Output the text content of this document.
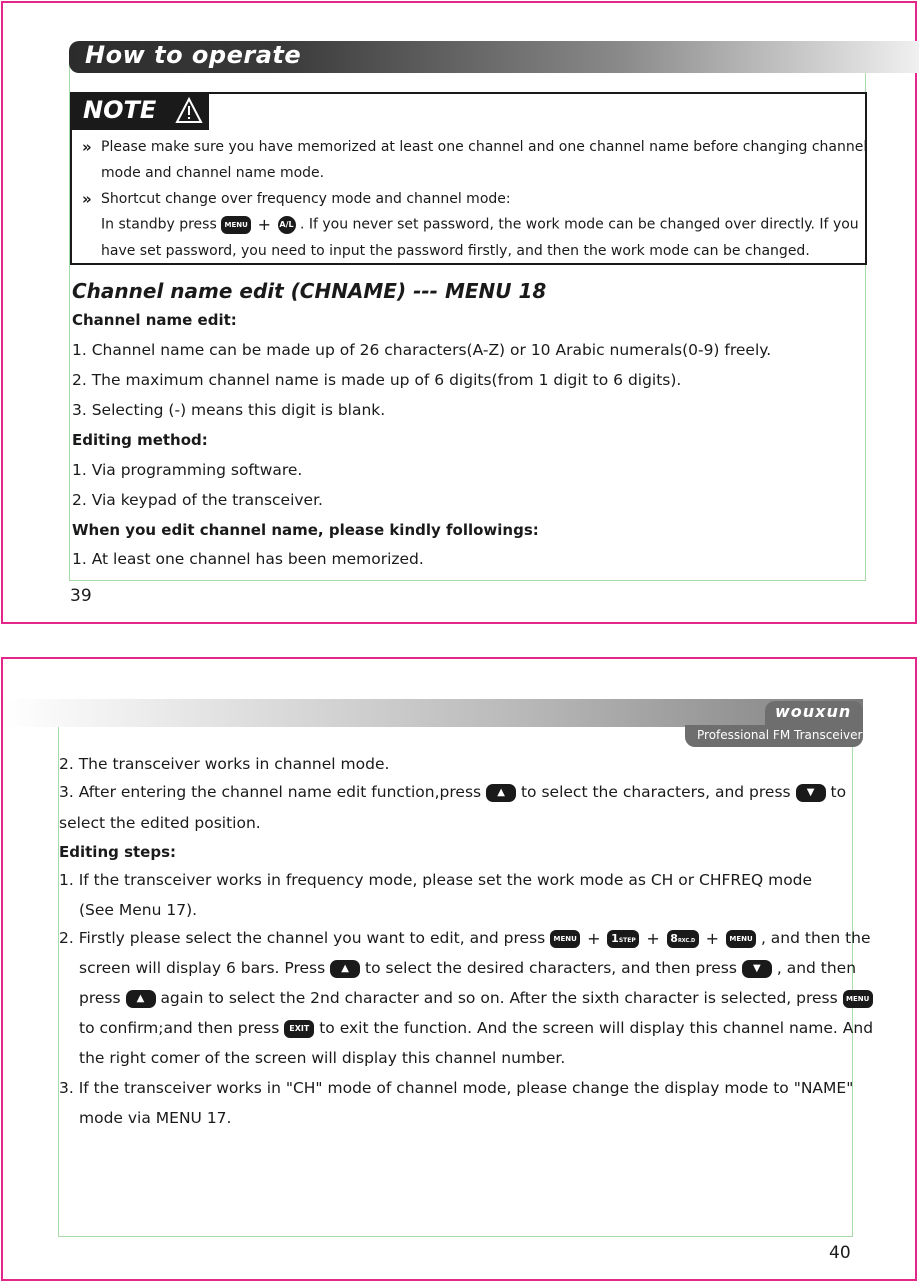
How to operate
NOTE
» Please make sure you have memorized at least one channel and one channel name before changing channel
mode and channel name mode.
» Shortcut change over frequency mode and channel mode:
In standby press MENU + A/L . If you never set password, the work mode can be changed over directly. If you
have set password, you need to input the password firstly, and then the work mode can be changed.
Channel name edit (CHNAME) --- MENU 18
Channel name edit:
1. Channel name can be made up of 26 characters(A-Z) or 10 Arabic numerals(0-9) freely.
2. The maximum channel name is made up of 6 digits(from 1 digit to 6 digits).
3. Selecting (-) means this digit is blank.
Editing method:
1. Via programming software.
2. Via keypad of the transceiver.
When you edit channel name, please kindly followings:
1. At least one channel has been memorized.
39
wouxun
Professional FM Transceiver
2. The transceiver works in channel mode.
3. After entering the channel name edit function,press ▲ to select the characters, and press ▼ to
select the edited position.
Editing steps:
1. If the transceiver works in frequency mode, please set the work mode as CH or CHFREQ mode
(See Menu 17).
2. Firstly please select the channel you want to edit, and press MENU + 1STEP + 8RXC.D + MENU , and then the
screen will display 6 bars. Press ▲ to select the desired characters, and then press ▼ , and then
press ▲ again to select the 2nd character and so on. After the sixth character is selected, press MENU
to confirm;and then press EXIT to exit the function. And the screen will display this channel name. And
the right comer of the screen will display this channel number.
3. If the transceiver works in "CH" mode of channel mode, please change the display mode to "NAME"
mode via MENU 17.
40
